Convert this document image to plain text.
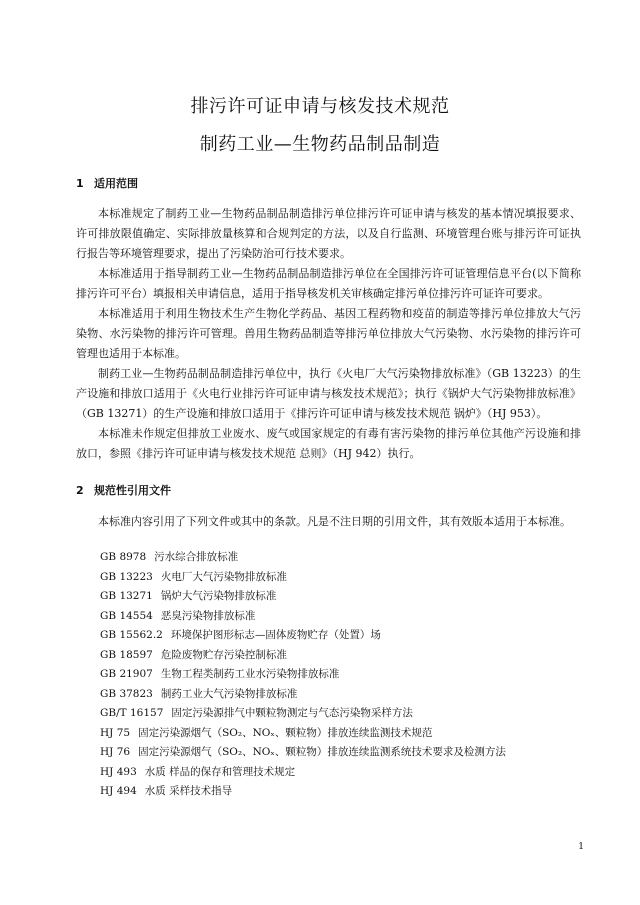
排污许可证申请与核发技术规范
制药工业—生物药品制品制造
1 适用范围

本标准规定了制药工业—生物药品制品制造排污单位排污许可证申请与核发的基本情况填报要求、许可排放限值确定、实际排放量核算和合规判定的方法，以及自行监测、环境管理台账与排污许可证执行报告等环境管理要求，提出了污染防治可行技术要求。

本标准适用于指导制药工业—生物药品制品制造排污单位在全国排污许可证管理信息平台(以下简称排污许可平台）填报相关申请信息，适用于指导核发机关审核确定排污单位排污许可证许可要求。

本标准适用于利用生物技术生产生物化学药品、基因工程药物和疫苗的制造等排污单位排放大气污染物、水污染物的排污许可管理。兽用生物药品制造等排污单位排放大气污染物、水污染物的排污许可管理也适用于本标准。

制药工业—生物药品制品制造排污单位中，执行《火电厂大气污染物排放标准》（GB 13223）的生产设施和排放口适用于《火电行业排污许可证申请与核发技术规范》；执行《锅炉大气污染物排放标准》（GB 13271）的生产设施和排放口适用于《排污许可证申请与核发技术规范 锅炉》（HJ 953）。

本标准未作规定但排放工业废水、废气或国家规定的有毒有害污染物的排污单位其他产污设施和排放口，参照《排污许可证申请与核发技术规范 总则》（HJ 942）执行。

2 规范性引用文件

本标准内容引用了下列文件或其中的条款。凡是不注日期的引用文件，其有效版本适用于本标准。

GB 8978 污水综合排放标准
GB 13223 火电厂大气污染物排放标准
GB 13271 锅炉大气污染物排放标准
GB 14554 恶臭污染物排放标准
GB 15562.2 环境保护图形标志—固体废物贮存（处置）场
GB 18597 危险废物贮存污染控制标准
GB 21907 生物工程类制药工业水污染物排放标准
GB 37823 制药工业大气污染物排放标准
GB/T 16157 固定污染源排气中颗粒物测定与气态污染物采样方法
HJ 75 固定污染源烟气（SO₂、NOₓ、颗粒物）排放连续监测技术规范
HJ 76 固定污染源烟气（SO₂、NOₓ、颗粒物）排放连续监测系统技术要求及检测方法
HJ 493 水质 样品的保存和管理技术规定
HJ 494 水质 采样技术指导
1
